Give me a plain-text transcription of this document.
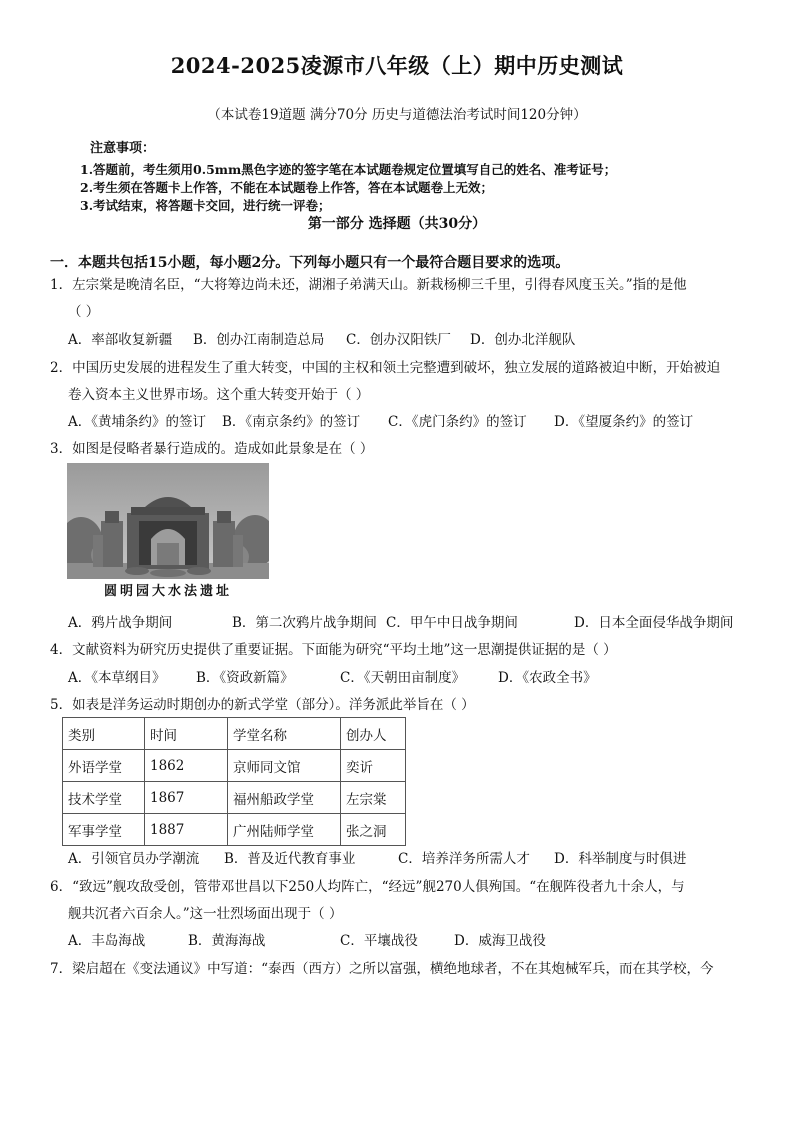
2024-2025凌源市八年级（上）期中历史测试
（本试卷19道题 满分70分 历史与道德法治考试时间120分钟）
注意事项：
1.答题前，考生须用0.5mm黑色字迹的签字笔在本试题卷规定位置填写自己的姓名、准考证号；
2.考生须在答题卡上作答，不能在本试题卷上作答，答在本试题卷上无效；
3.考试结束，将答题卡交回，进行统一评卷；
第一部分 选择题（共30分）
一．本题共包括15小题，每小题2分。下列每小题只有一个最符合题目要求的选项。
1．左宗棠是晚清名臣，“大将筹边尚未还，湖湘子弟满天山。新栽杨柳三千里，引得春风度玉关。”指的是他
（ ）
A．率部收复新疆 B．创办江南制造总局 C．创办汉阳铁厂 D．创办北洋舰队
2．中国历史发展的进程发生了重大转变，中国的主权和领土完整遭到破坏，独立发展的道路被迫中断，开始被迫
卷入资本主义世界市场。这个重大转变开始于（ ）
A．《黄埔条约》的签订 B．《南京条约》的签订 C．《虎门条约》的签订 D．《望厦条约》的签订
3．如图是侵略者暴行造成的。造成如此景象是在（ ）
圆明园大水法遗址
A．鸦片战争期间	B．第二次鸦片战争期间 C．甲午中日战争期间	D．日本全面侵华战争期间
4．文献资料为研究历史提供了重要证据。下面能为研究“平均土地”这一思潮提供证据的是（ ）
A．《本草纲目》 B．《资政新篇》	C．《天朝田亩制度》 D．《农政全书》
5．如表是洋务运动时期创办的新式学堂（部分）。洋务派此举旨在（ ）
类别	时间	学堂名称	创办人
外语学堂	1862	京师同文馆	奕䜣
技术学堂	1867	福州船政学堂	左宗棠
军事学堂	1887	广州陆师学堂	张之洞
A．引领官员办学潮流 B．普及近代教育事业	C．培养洋务所需人才 D．科举制度与时俱进
6．“致远”舰攻敌受创，管带邓世昌以下250人均阵亡，“经远”舰270人俱殉国。“在舰阵役者九十余人，与
舰共沉者六百余人。”这一壮烈场面出现于（ ）
A．丰岛海战	B．黄海海战	C．平壤战役	D．威海卫战役
7．梁启超在《变法通议》中写道：“泰西（西方）之所以富强，横绝地球者，不在其炮械军兵，而在其学校，今
